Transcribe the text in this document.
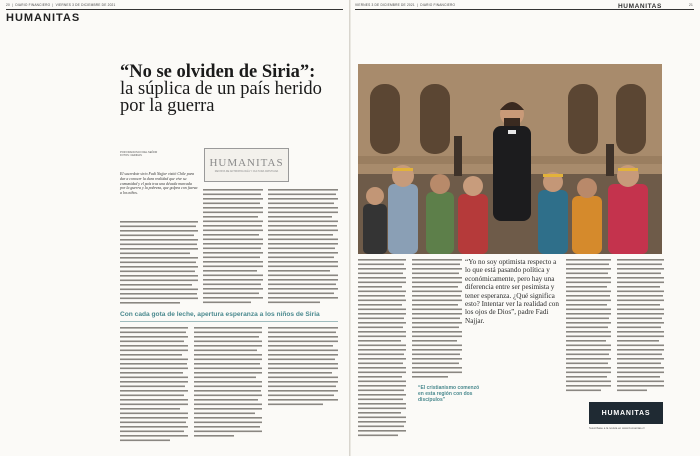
20  |  DIARIO FINANCIERO  |  VIERNES 3 DE DICIEMBRE DE 2021
HUMANITAS
“No se olviden de Siria”: la súplica de un país herido por la guerra
POR FRANCISCO DEL SEÑOR
FOTOS: CEDIDAS
HUMANITAS
REVISTA DE ANTROPOLOGÍA Y CULTURA CRISTIANA
El sacerdote sirio Fadi Najjar visitó Chile para dar a conocer la dura realidad que vive su comunidad y el país tras una década marcada por la guerra y la pobreza, que golpea con fuerza a los niños.
Con cada gota de leche, apertura esperanza a los niños de Siria
VIERNES 3 DE DICIEMBRE DE 2021  |  DIARIO FINANCIERO	21
HUMANITAS
“Yo no soy optimista respecto a lo que está pasando política y económicamente, pero hay una diferencia entre ser pesimista y tener esperanza. ¿Qué significa esto? Intentar ver la realidad con los ojos de Dios”, padre Fadi Najjar.
“El cristianismo comenzó en esta región con dos discípulos”
HUMANITAS
Suscríbase a la revista en www.humanitas.cl
